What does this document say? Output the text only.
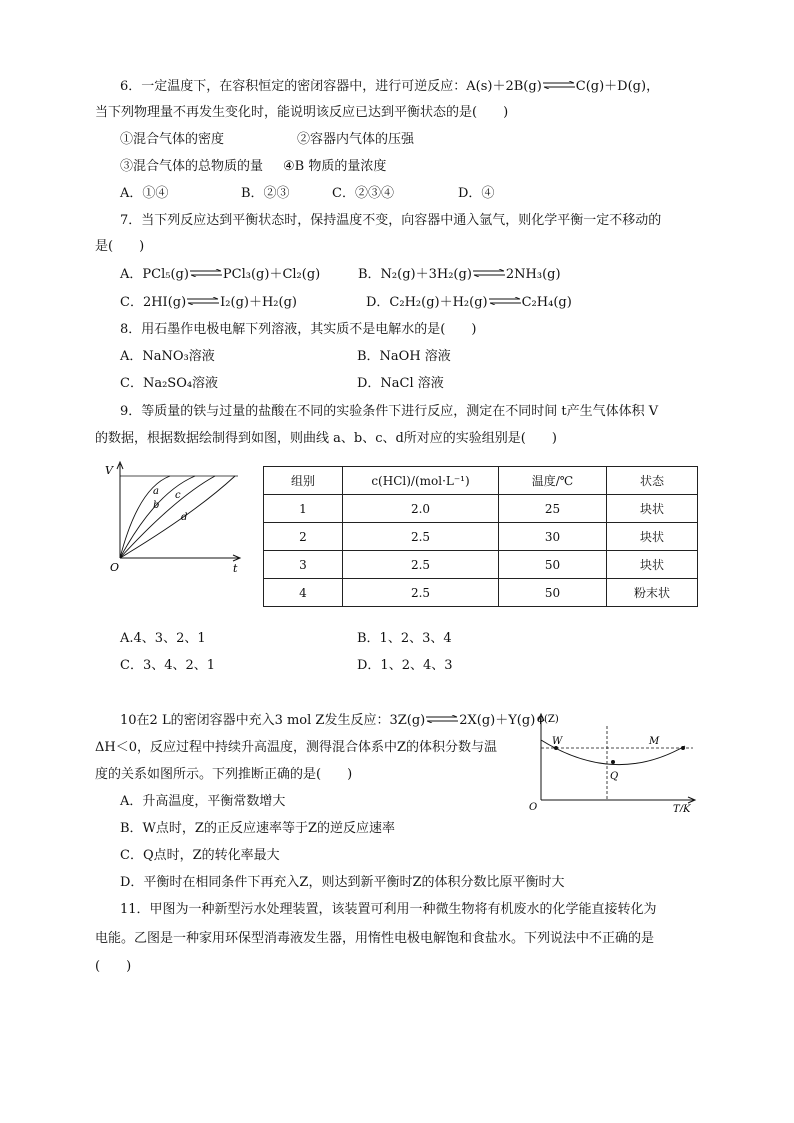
6．一定温度下，在容积恒定的密闭容器中，进行可逆反应：A(s)＋2B(g)	C(g)＋D(g)，
当下列物理量不再发生变化时，能说明该反应已达到平衡状态的是(　　)
①混合气体的密度	②容器内气体的压强
③混合气体的总物质的量 ④B 物质的量浓度
A．①④	B．②③	C．②③④	D．④
7．当下列反应达到平衡状态时，保持温度不变，向容器中通入氩气，则化学平衡一定不移动的
是(　　)
A．PCl₅(g)	PCl₃(g)＋Cl₂(g)	B．N₂(g)＋3H₂(g)	2NH₃(g)
C．2HI(g)	I₂(g)＋H₂(g)	D．C₂H₂(g)＋H₂(g)	C₂H₄(g)
8．用石墨作电极电解下列溶液，其实质不是电解水的是(　　)
A．NaNO₃溶液	B．NaOH 溶液
C．Na₂SO₄溶液	D．NaCl 溶液
9．等质量的铁与过量的盐酸在不同的实验条件下进行反应，测定在不同时间 t产生气体体积 V
的数据，根据数据绘制得到如图，则曲线 a、b、c、d所对应的实验组别是(　　)
V
t
O
a
b
c
d
组别	c(HCl)/(mol·L⁻¹)	温度/℃	状态
1	2.0	25	块状
2	2.5	30	块状
3	2.5	50	块状
4	2.5	50	粉末状
A.4、3、2、1	B．1、2、3、4
C．3、4、2、1	D．1、2、4、3
10在2 L的密闭容器中充入3 mol Z发生反应：3Z(g)	2X(g)＋Y(g)
ΔH＜0，反应过程中持续升高温度，测得混合体系中Z的体积分数与温
度的关系如图所示。下列推断正确的是(　　)
φ(Z)
T/K
O
W
Q
M
A．升高温度，平衡常数增大
B．W点时，Z的正反应速率等于Z的逆反应速率
C．Q点时，Z的转化率最大
D．平衡时在相同条件下再充入Z，则达到新平衡时Z的体积分数比原平衡时大
11．甲图为一种新型污水处理装置，该装置可利用一种微生物将有机废水的化学能直接转化为
电能。乙图是一种家用环保型消毒液发生器，用惰性电极电解饱和食盐水。下列说法中不正确的是
(　　)
